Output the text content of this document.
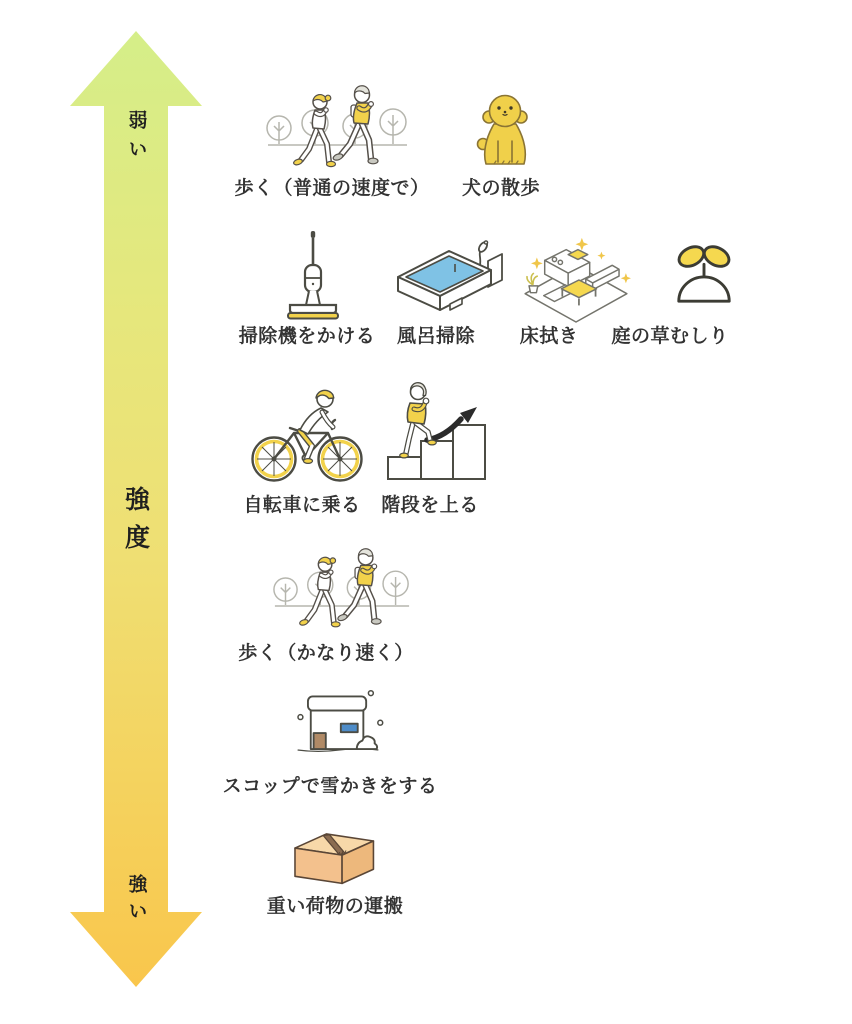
弱い
強度
強い
歩く（普通の速度で）	犬の散歩
掃除機をかける	風呂掃除	床拭き	庭の草むしり
自転車に乗る	階段を上る
歩く（かなり速く）
スコップで雪かきをする
重い荷物の運搬
